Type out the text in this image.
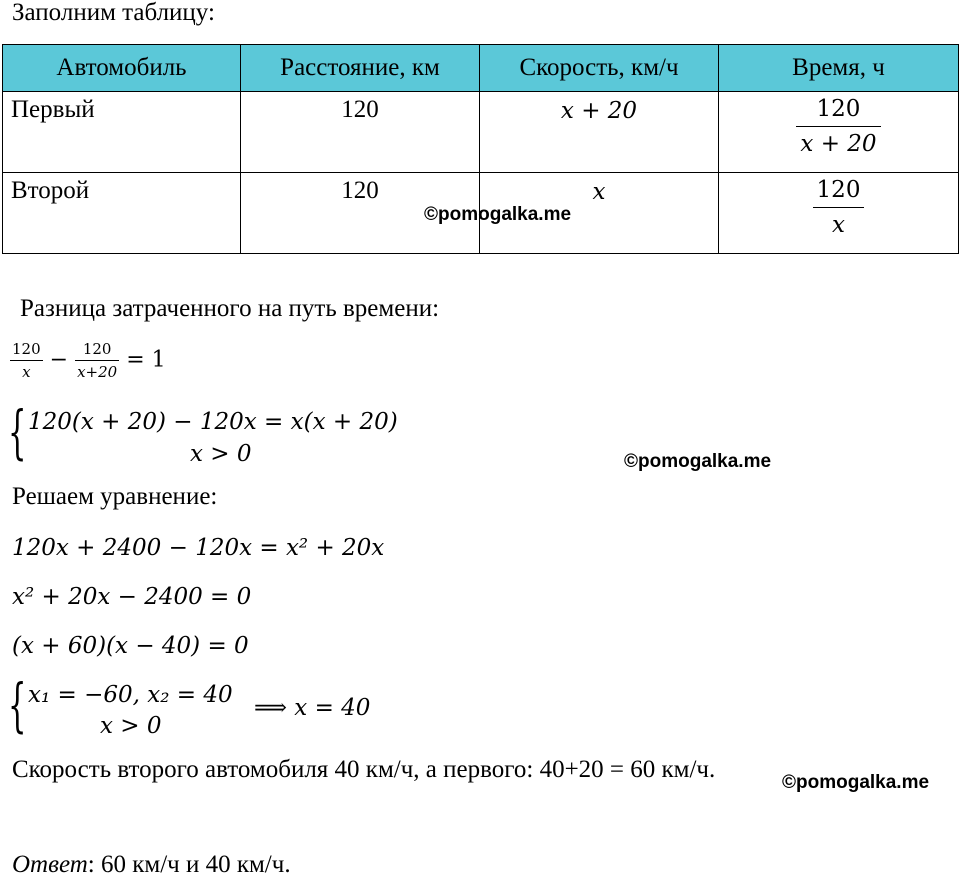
Заполним таблицу:
Автомобиль	Расстояние, км	Скорость, км/ч	Время, ч
Первый	120	x + 20	$\frac{120}{x + 20}$

Второй	120	x	$\frac{120}{x}$
©pomogalka.me
Разница затраченного на путь времени:
$\frac{120}{x} - \frac{120}{x+20} = 1$
{ 120(x + 20) − 120x = x(x + 20)
x > 0	©pomogalka.me
Решаем уравнение:
120x + 2400 − 120x = x² + 20x
x² + 20x − 2400 = 0
(x + 60)(x − 40) = 0
{ x₁ = −60, x₂ = 40
x > 0
⟹ x = 40
Скорость второго автомобиля 40 км/ч, а первого: 40+20 = 60 км/ч.	©pomogalka.me
Ответ: 60 км/ч и 40 км/ч.
